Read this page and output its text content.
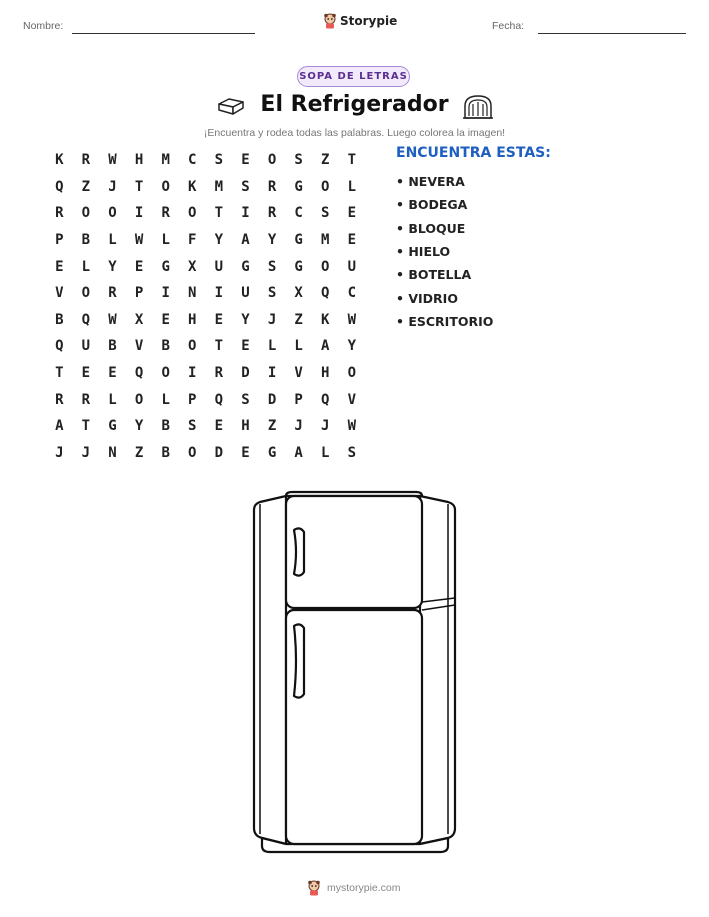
Nombre:	Storypie	Fecha:
SOPA DE LETRAS
El Refrigerador
¡Encuentra y rodea todas las palabras. Luego colorea la imagen!
K	R	W	H	M	C	S	E	O	S	Z	T
Q	Z	J	T	O	K	M	S	R	G	O	L
R	O	O	I	R	O	T	I	R	C	S	E
P	B	L	W	L	F	Y	A	Y	G	M	E
E	L	Y	E	G	X	U	G	S	G	O	U
V	O	R	P	I	N	I	U	S	X	Q	C
B	Q	W	X	E	H	E	Y	J	Z	K	W
Q	U	B	V	B	O	T	E	L	L	A	Y
T	E	E	Q	O	I	R	D	I	V	H	O
R	R	L	O	L	P	Q	S	D	P	Q	V
A	T	G	Y	B	S	E	H	Z	J	J	W
J	J	N	Z	B	O	D	E	G	A	L	S
ENCUENTRA ESTAS:
• NEVERA
• BODEGA
• BLOQUE
• HIELO
• BOTELLA
• VIDRIO
• ESCRITORIO
mystorypie.com
